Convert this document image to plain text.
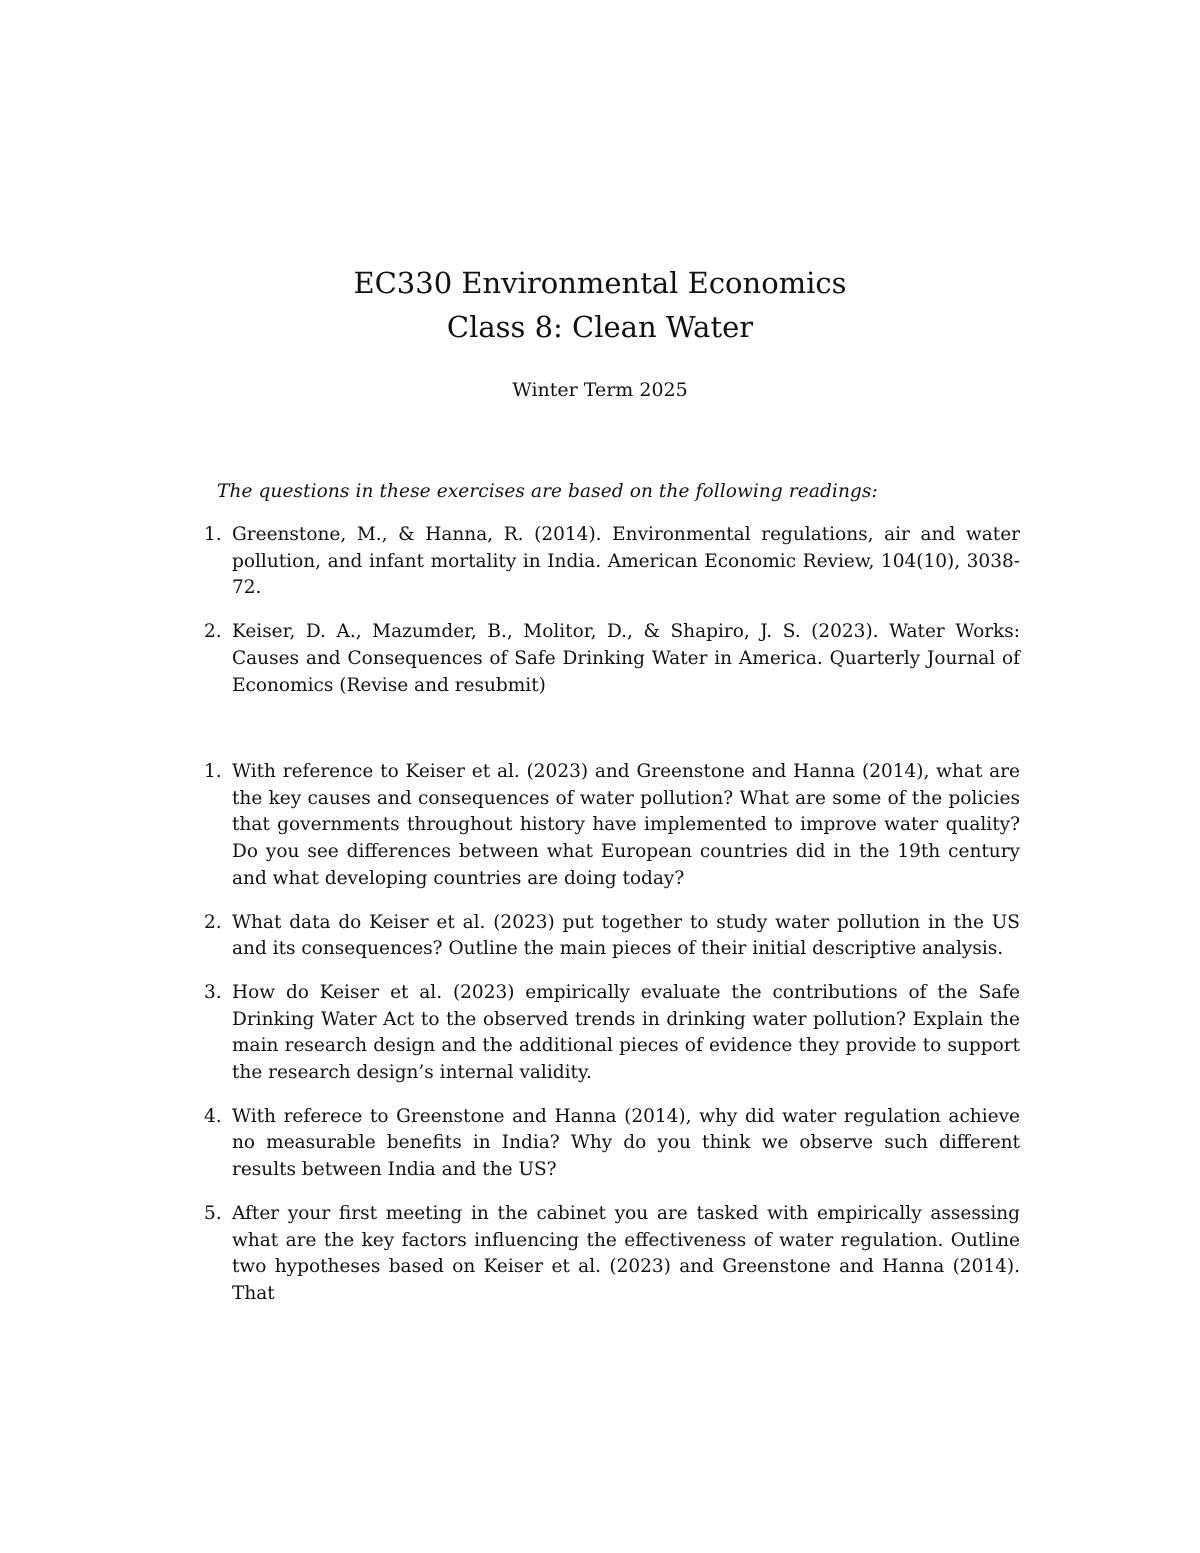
EC330 Environmental Economics
Class 8: Clean Water
Winter Term 2025
The questions in these exercises are based on the following readings:
1. Greenstone, M., & Hanna, R. (2014). Environmental regulations, air and water pollution, and infant mortality in India. American Economic Review, 104(10), 3038-72.
2. Keiser, D. A., Mazumder, B., Molitor, D., & Shapiro, J. S. (2023). Water Works: Causes and Consequences of Safe Drinking Water in America. Quarterly Journal of Economics (Revise and resubmit)
1. With reference to Keiser et al. (2023) and Greenstone and Hanna (2014), what are the key causes and consequences of water pollution? What are some of the policies that governments throughout history have implemented to improve water quality? Do you see differences between what European countries did in the 19th century and what developing countries are doing today?
2. What data do Keiser et al. (2023) put together to study water pollution in the US and its consequences? Outline the main pieces of their initial descriptive analysis.
3. How do Keiser et al. (2023) empirically evaluate the contributions of the Safe Drinking Water Act to the observed trends in drinking water pollution? Explain the main research design and the additional pieces of evidence they provide to support the research design’s internal validity.
4. With referece to Greenstone and Hanna (2014), why did water regulation achieve no measurable benefits in India? Why do you think we observe such different results between India and the US?
5. After your first meeting in the cabinet you are tasked with empirically assessing what are the key factors influencing the effectiveness of water regulation. Outline two hypotheses based on Keiser et al. (2023) and Greenstone and Hanna (2014). That
